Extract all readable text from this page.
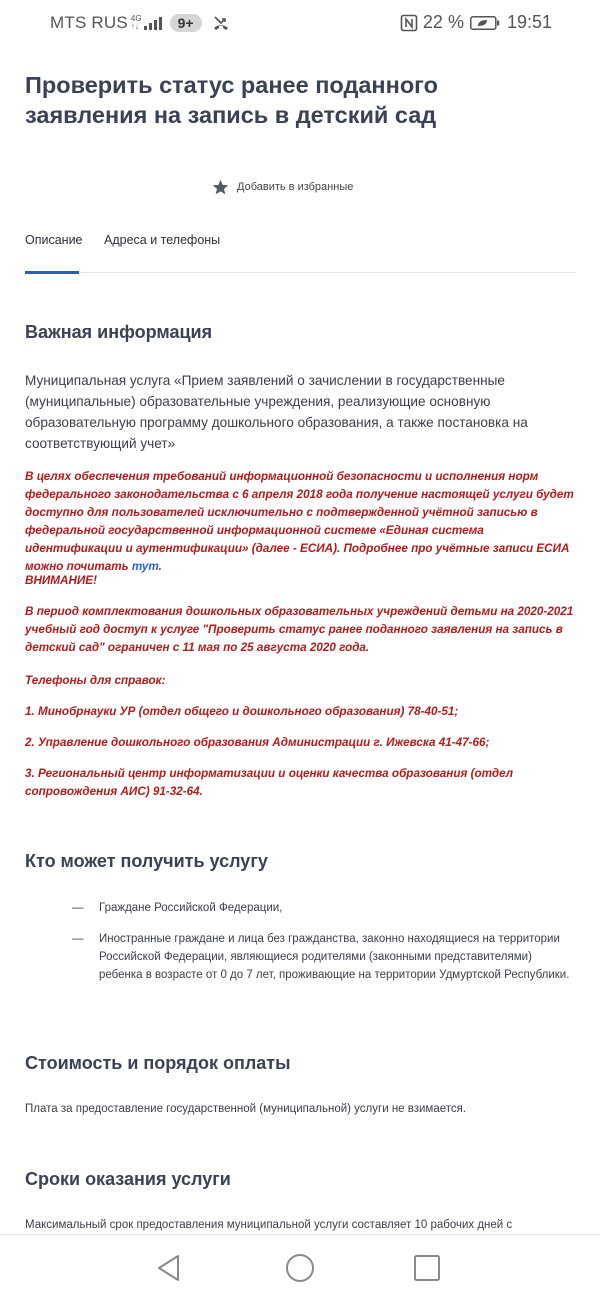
MTS RUS 4G
↑↓	9+	22 % 19:51
Проверить статус ранее поданного заявления на запись в детский сад
Добавить в избранные
Описание Адреса и телефоны
Важная информация

Муниципальная услуга «Прием заявлений о зачислении в государственные (муниципальные) образовательные учреждения, реализующие основную образовательную программу дошкольного образования, а также постановка на соответствующий учет»

В целях обеспечения требований информационной безопасности и исполнения норм федерального законодательства с 6 апреля 2018 года получение настоящей услуги будет доступно для пользователей исключительно с подтвержденной учётной записью в федеральной государственной информационной системе «Единая система идентификации и аутентификации» (далее - ЕСИА). Подробнее про учётные записи ЕСИА можно почитать тут.

ВНИМАНИЕ!

В период комплектования дошкольных образовательных учреждений детьми на 2020-2021 учебный год доступ к услуге "Проверить статус ранее поданного заявления на запись в детский сад" ограничен с 11 мая по 25 августа 2020 года.

Телефоны для справок:

1. Минобрнауки УР (отдел общего и дошкольного образования) 78-40-51;

2. Управление дошкольного образования Администрации г. Ижевска 41-47-66;

3. Региональный центр информатизации и оценки качества образования (отдел сопровождения АИС) 91-32-64.

Кто может получить услугу
— Граждане Российской Федерации,
— Иностранные граждане и лица без гражданства, законно находящиеся на территории Российской Федерации, являющиеся родителями (законными представителями) ребенка в возрасте от 0 до 7 лет, проживающие на территории Удмуртской Республики.
Стоимость и порядок оплаты

Плата за предоставление государственной (муниципальной) услуги не взимается.

Сроки оказания услуги

Максимальный срок предоставления муниципальной услуги составляет 10 рабочих дней с
